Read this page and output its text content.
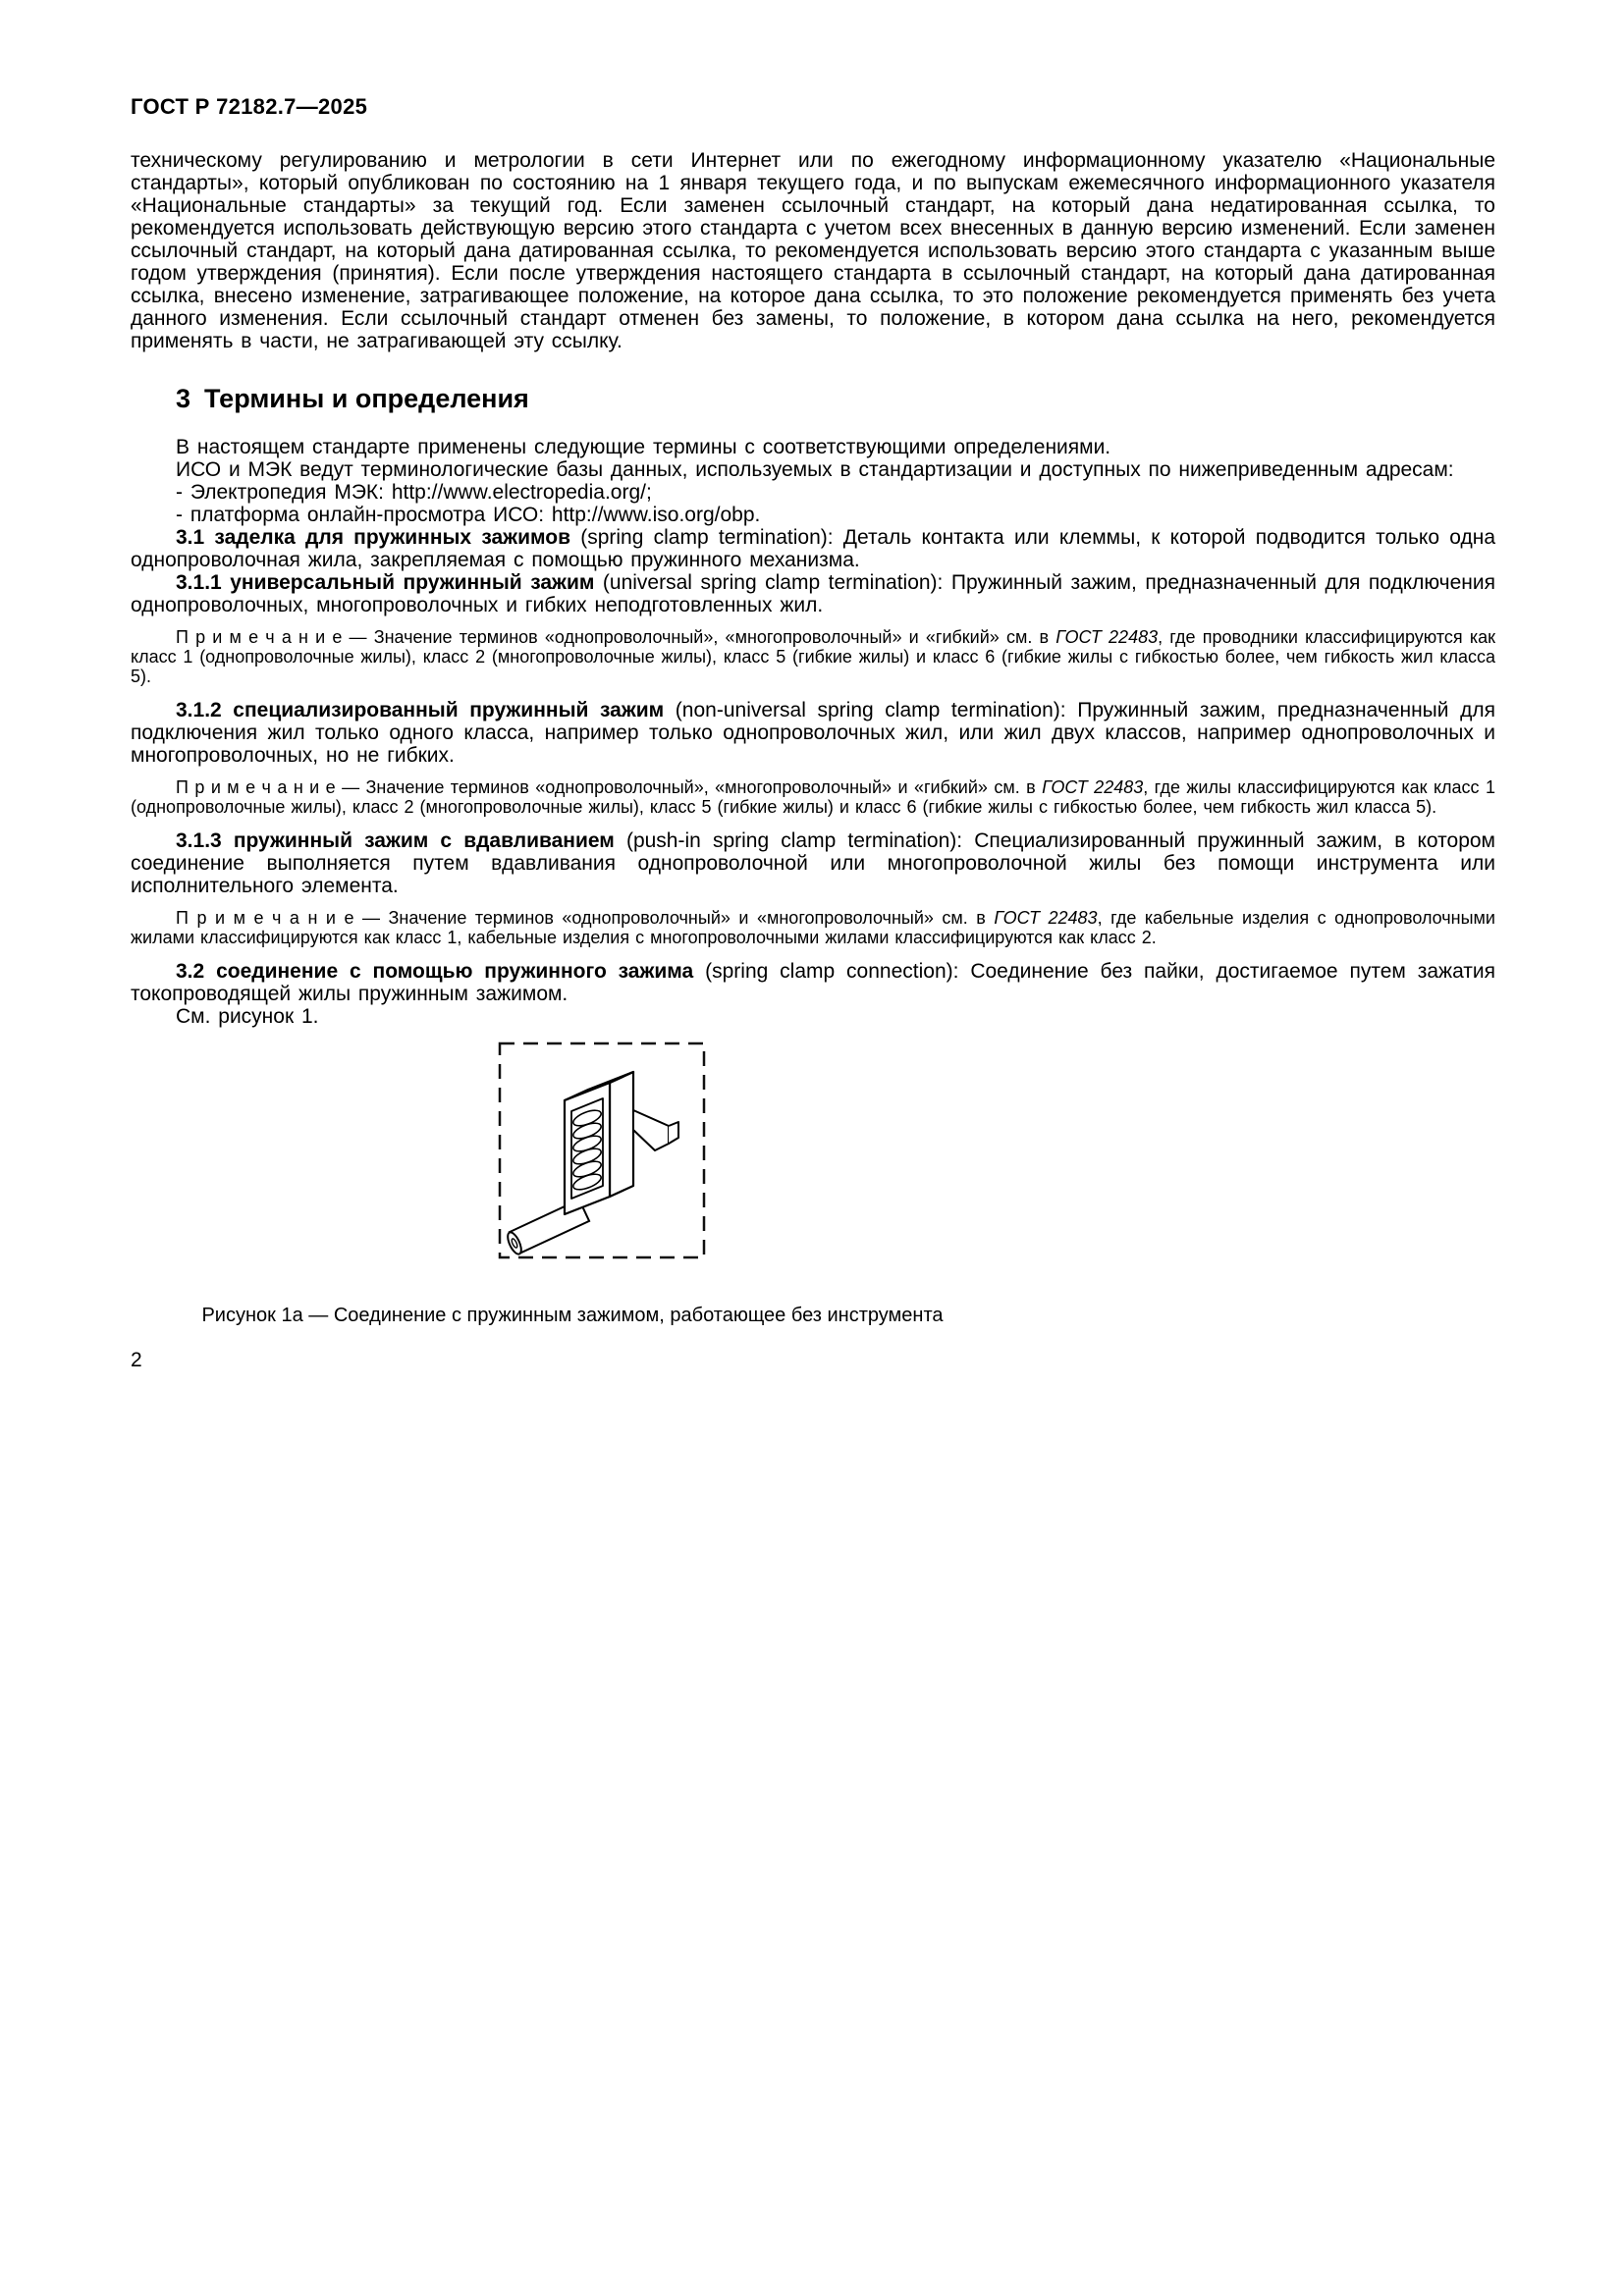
ГОСТ Р 72182.7—2025

техническому регулированию и метрологии в сети Интернет или по ежегодному информационному указателю «Национальные стандарты», который опубликован по состоянию на 1 января текущего года, и по выпускам ежемесячного информационного указателя «Национальные стандарты» за текущий год. Если заменен ссылочный стандарт, на который дана недатированная ссылка, то рекомендуется использовать действующую версию этого стандарта с учетом всех внесенных в данную версию изменений. Если заменен ссылочный стандарт, на который дана датированная ссылка, то рекомендуется использовать версию этого стандарта с указанным выше годом утверждения (принятия). Если после утверждения настоящего стандарта в ссылочный стандарт, на который дана датированная ссылка, внесено изменение, затрагивающее положение, на которое дана ссылка, то это положение рекомендуется применять без учета данного изменения. Если ссылочный стандарт отменен без замены, то положение, в котором дана ссылка на него, рекомендуется применять в части, не затрагивающей эту ссылку.

3 Термины и определения

В настоящем стандарте применены следующие термины с соответствующими определениями.

ИСО и МЭК ведут терминологические базы данных, используемых в стандартизации и доступных по нижеприведенным адресам:

- Электропедия МЭК: http://www.electropedia.org/;

- платформа онлайн-просмотра ИСО: http://www.iso.org/obp.

3.1 заделка для пружинных зажимов (spring clamp termination): Деталь контакта или клеммы, к которой подводится только одна однопроволочная жила, закрепляемая с помощью пружинного механизма.

3.1.1 универсальный пружинный зажим (universal spring clamp termination): Пружинный зажим, предназначенный для подключения однопроволочных, многопроволочных и гибких неподготовленных жил.

П р и м е ч а н и е — Значение терминов «однопроволочный», «многопроволочный» и «гибкий» см. в ГОСТ 22483, где проводники классифицируются как класс 1 (однопроволочные жилы), класс 2 (многопроволочные жилы), класс 5 (гибкие жилы) и класс 6 (гибкие жилы с гибкостью более, чем гибкость жил класса 5).

3.1.2 специализированный пружинный зажим (non-universal spring clamp termination): Пружинный зажим, предназначенный для подключения жил только одного класса, например только однопроволочных жил, или жил двух классов, например однопроволочных и многопроволочных, но не гибких.

П р и м е ч а н и е — Значение терминов «однопроволочный», «многопроволочный» и «гибкий» см. в ГОСТ 22483, где жилы классифицируются как класс 1 (однопроволочные жилы), класс 2 (многопроволочные жилы), класс 5 (гибкие жилы) и класс 6 (гибкие жилы с гибкостью более, чем гибкость жил класса 5).

3.1.3 пружинный зажим с вдавливанием (push-in spring clamp termination): Специализированный пружинный зажим, в котором соединение выполняется путем вдавливания однопроволочной или многопроволочной жилы без помощи инструмента или исполнительного элемента.

П р и м е ч а н и е — Значение терминов «однопроволочный» и «многопроволочный» см. в ГОСТ 22483, где кабельные изделия с однопроволочными жилами классифицируются как класс 1, кабельные изделия с многопроволочными жилами классифицируются как класс 2.

3.2 соединение с помощью пружинного зажима (spring clamp connection): Соединение без пайки, достигаемое путем зажатия токопроводящей жилы пружинным зажимом.

См. рисунок 1.

Рисунок 1а — Соединение с пружинным зажимом, работающее без инструмента

2
